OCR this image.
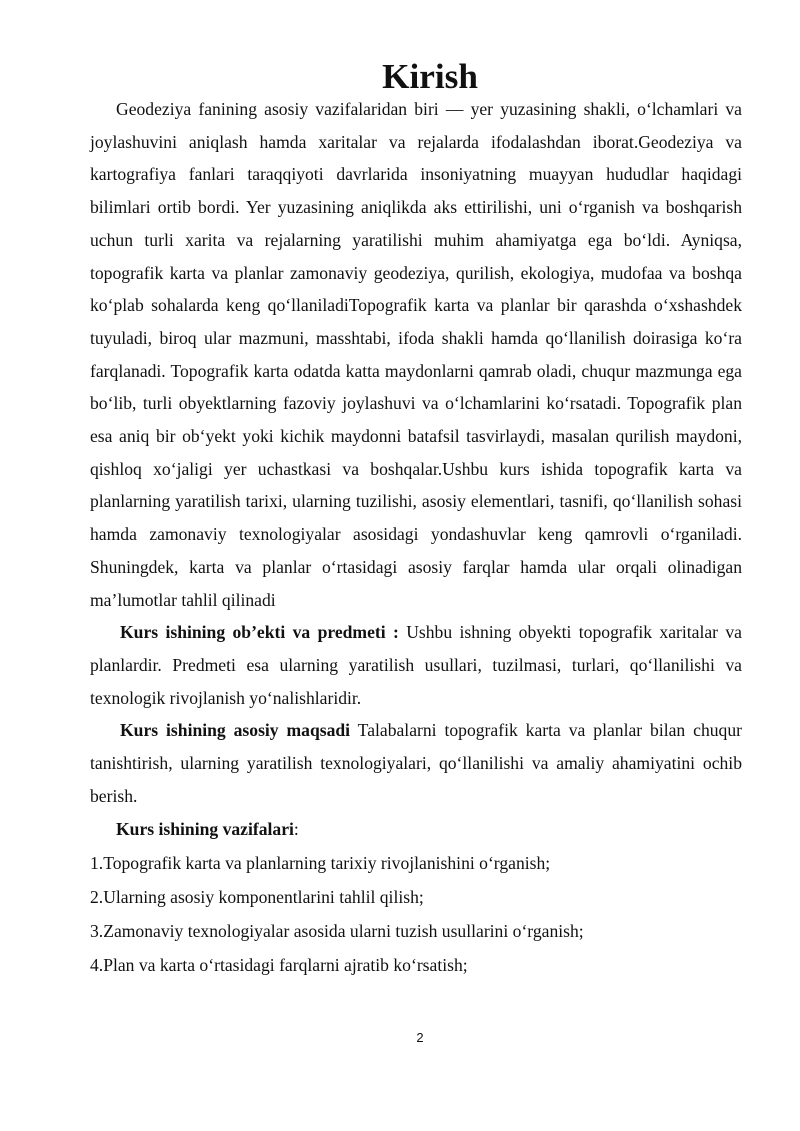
Kirish

Geodeziya fanining asosiy vazifalaridan biri — yer yuzasining shakli, o‘lchamlari va joylashuvini aniqlash hamda xaritalar va rejalarda ifodalashdan iborat.Geodeziya va kartografiya fanlari taraqqiyoti davrlarida insoniyatning muayyan hududlar haqidagi bilimlari ortib bordi. Yer yuzasining aniqlikda aks ettirilishi, uni o‘rganish va boshqarish uchun turli xarita va rejalarning yaratilishi muhim ahamiyatga ega bo‘ldi. Ayniqsa, topografik karta va planlar zamonaviy geodeziya, qurilish, ekologiya, mudofaa va boshqa ko‘plab sohalarda keng qo‘llaniladiTopografik karta va planlar bir qarashda o‘xshashdek tuyuladi, biroq ular mazmuni, masshtabi, ifoda shakli hamda qo‘llanilish doirasiga ko‘ra farqlanadi. Topografik karta odatda katta maydonlarni qamrab oladi, chuqur mazmunga ega bo‘lib, turli obyektlarning fazoviy joylashuvi va o‘lchamlarini ko‘rsatadi. Topografik plan esa aniq bir ob‘yekt yoki kichik maydonni batafsil tasvirlaydi, masalan qurilish maydoni, qishloq xo‘jaligi yer uchastkasi va boshqalar.Ushbu kurs ishida topografik karta va planlarning yaratilish tarixi, ularning tuzilishi, asosiy elementlari, tasnifi, qo‘llanilish sohasi hamda zamonaviy texnologiyalar asosidagi yondashuvlar keng qamrovli o‘rganiladi. Shuningdek, karta va planlar o‘rtasidagi asosiy farqlar hamda ular orqali olinadigan ma’lumotlar tahlil qilinadi

Kurs ishining ob’ekti va predmeti : Ushbu ishning obyekti topografik xaritalar va planlardir. Predmeti esa ularning yaratilish usullari, tuzilmasi, turlari, qo‘llanilishi va texnologik rivojlanish yo‘nalishlaridir.

Kurs ishining asosiy maqsadi Talabalarni topografik karta va planlar bilan chuqur tanishtirish, ularning yaratilish texnologiyalari, qo‘llanilishi va amaliy ahamiyatini ochib berish.

Kurs ishining vazifalari:

1.Topografik karta va planlarning tarixiy rivojlanishini o‘rganish;

2.Ularning asosiy komponentlarini tahlil qilish;

3.Zamonaviy texnologiyalar asosida ularni tuzish usullarini o‘rganish;

4.Plan va karta o‘rtasidagi farqlarni ajratib ko‘rsatish;

2
